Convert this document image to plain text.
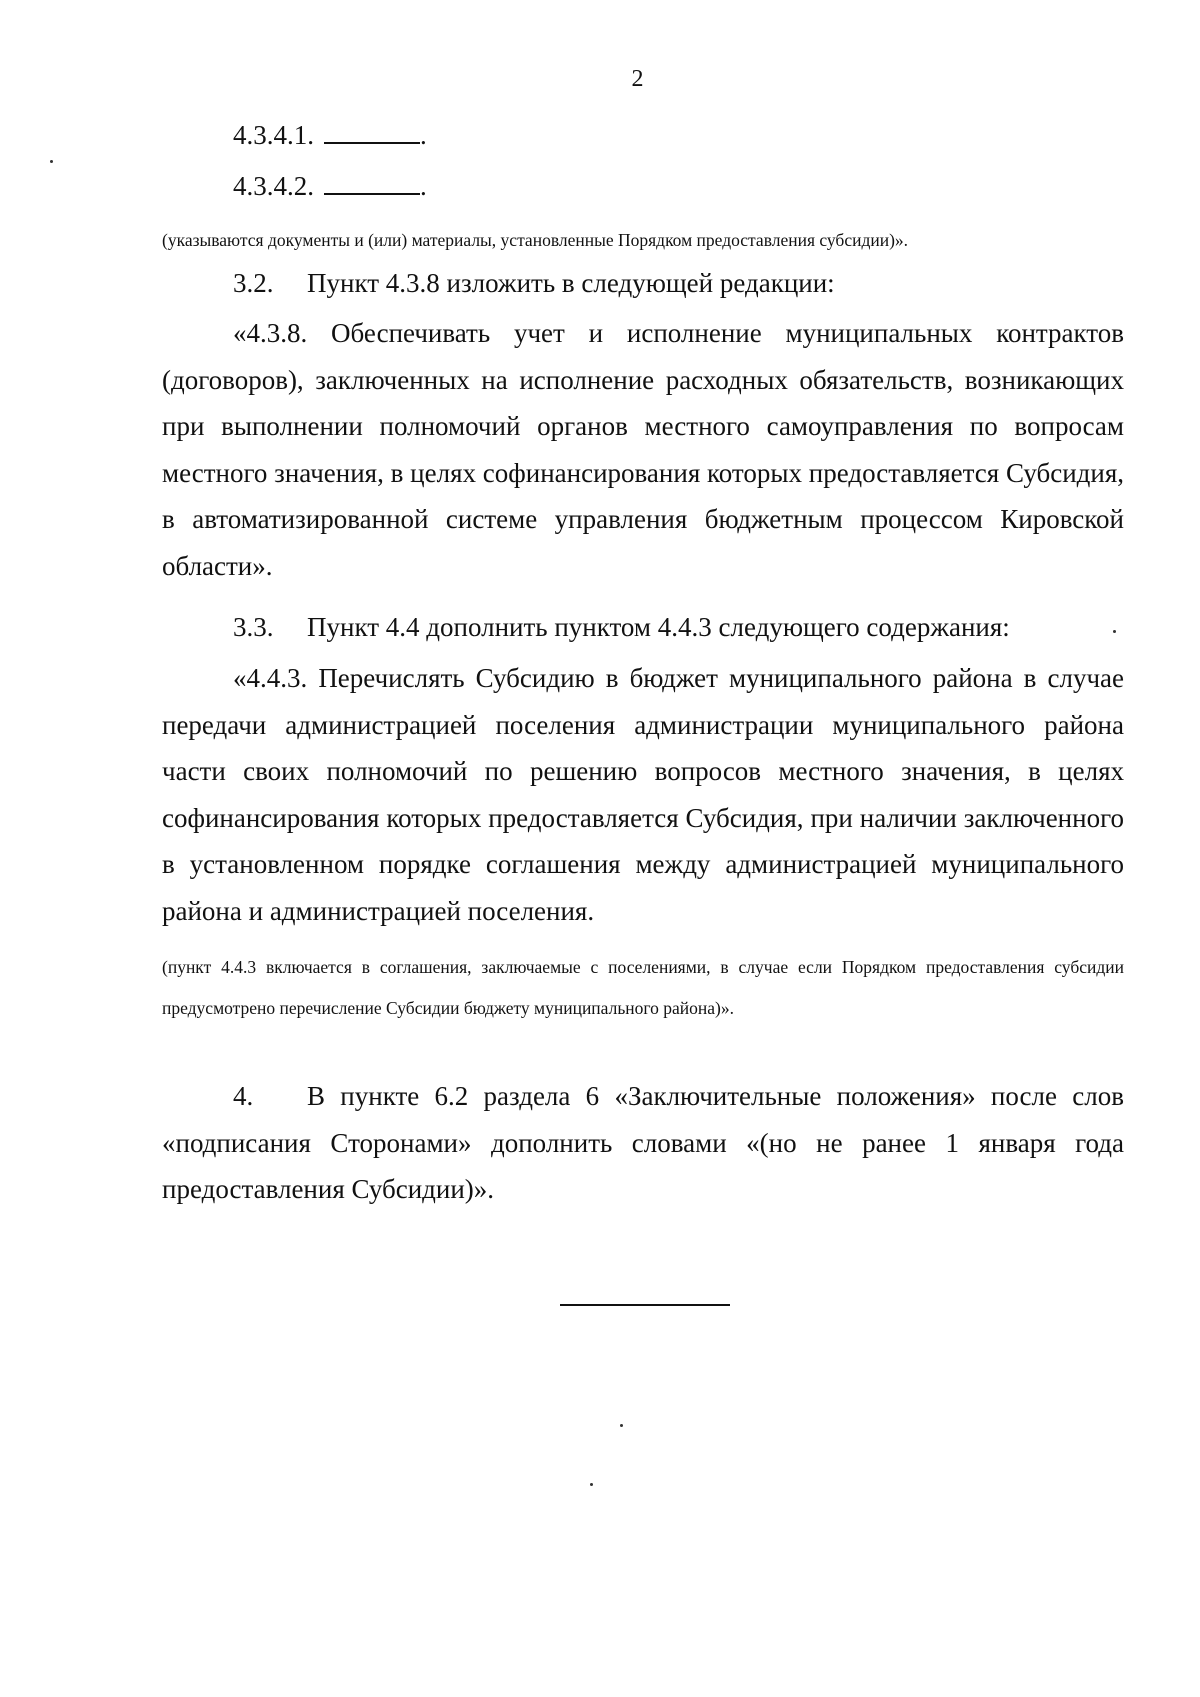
2
4.3.4.1.	.
4.3.4.2.	.
(указываются документы и (или) материалы, установленные Порядком предоставления субсидии)».
3.2. Пункт 4.3.8 изложить в следующей редакции:

«4.3.8. Обеспечивать учет и исполнение муниципальных контрактов (договоров), заключенных на исполнение расходных обязательств, возникающих при выполнении полномочий органов местного самоуправления по вопросам местного значения, в целях софинансирования которых предоставляется Субсидия, в автоматизированной системе управления бюджетным процессом Кировской области».

3.3. Пункт 4.4 дополнить пунктом 4.4.3 следующего содержания:

«4.4.3. Перечислять Субсидию в бюджет муниципального района в случае передачи администрацией поселения администрации муниципального района части своих полномочий по решению вопросов местного значения, в целях софинансирования которых предоставляется Субсидия, при наличии заключенного в установленном порядке соглашения между администрацией муниципального района и администрацией поселения.

(пункт 4.4.3 включается в соглашения, заключаемые с поселениями, в случае если Порядком предоставления субсидии предусмотрено перечисление Субсидии бюджету муниципального района)».

4. В пункте 6.2 раздела 6 «Заключительные положения» после слов «подписания Сторонами» дополнить словами «(но не ранее 1 января года предоставления Субсидии)».
